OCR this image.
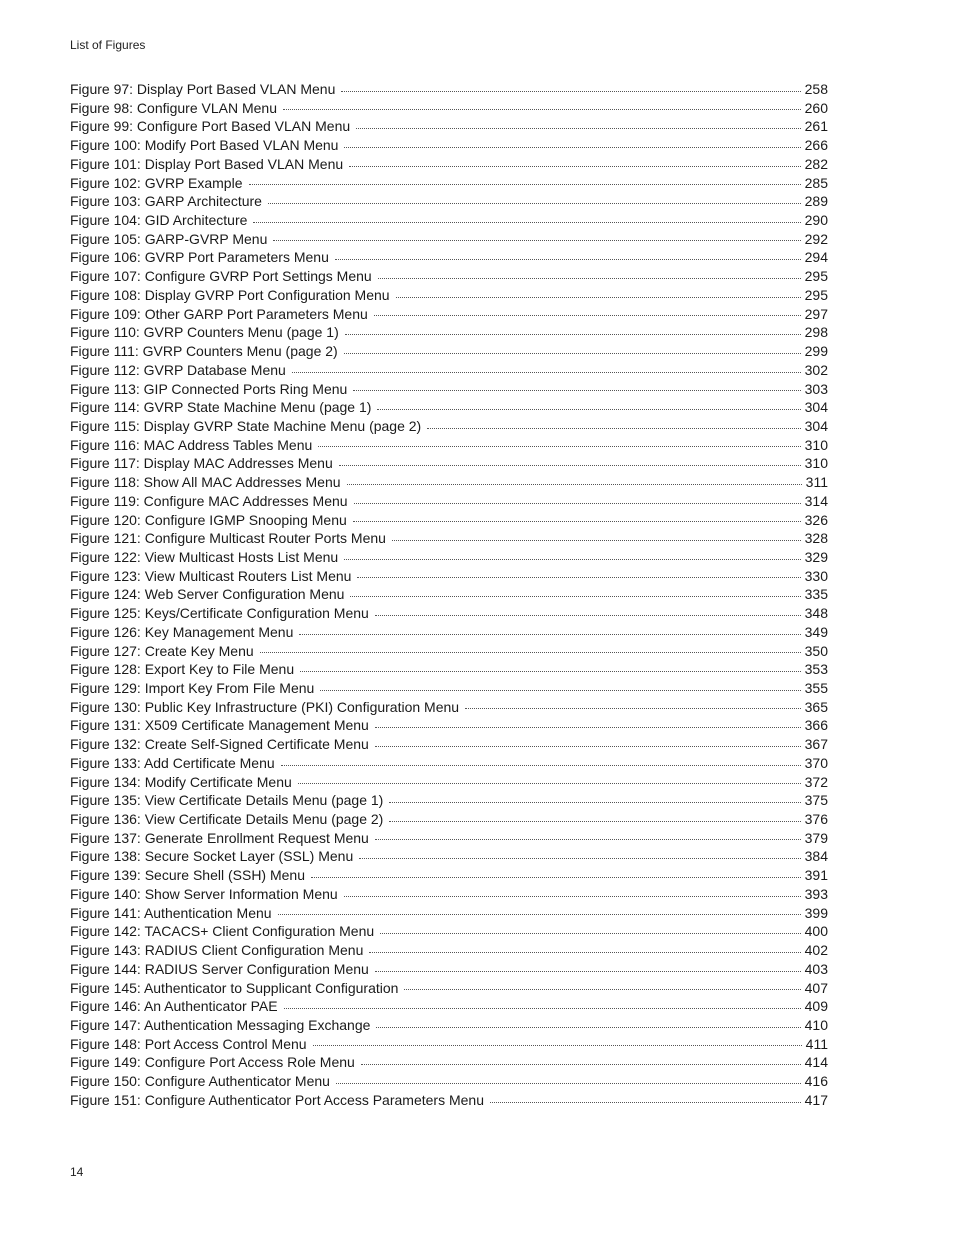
List of Figures
Figure 97: Display Port Based VLAN Menu	258
Figure 98: Configure VLAN Menu	260
Figure 99: Configure Port Based VLAN Menu	261
Figure 100: Modify Port Based VLAN Menu	266
Figure 101: Display Port Based VLAN Menu	282
Figure 102: GVRP Example	285
Figure 103: GARP Architecture	289
Figure 104: GID Architecture	290
Figure 105: GARP-GVRP Menu	292
Figure 106: GVRP Port Parameters Menu	294
Figure 107: Configure GVRP Port Settings Menu	295
Figure 108: Display GVRP Port Configuration Menu	295
Figure 109: Other GARP Port Parameters Menu	297
Figure 110: GVRP Counters Menu (page 1)	298
Figure 111: GVRP Counters Menu (page 2)	299
Figure 112: GVRP Database Menu	302
Figure 113: GIP Connected Ports Ring Menu	303
Figure 114: GVRP State Machine Menu (page 1)	304
Figure 115: Display GVRP State Machine Menu (page 2)	304
Figure 116: MAC Address Tables Menu	310
Figure 117: Display MAC Addresses Menu	310
Figure 118: Show All MAC Addresses Menu	311
Figure 119: Configure MAC Addresses Menu	314
Figure 120: Configure IGMP Snooping Menu	326
Figure 121: Configure Multicast Router Ports Menu	328
Figure 122: View Multicast Hosts List Menu	329
Figure 123: View Multicast Routers List Menu	330
Figure 124: Web Server Configuration Menu	335
Figure 125: Keys/Certificate Configuration Menu	348
Figure 126: Key Management Menu	349
Figure 127: Create Key Menu	350
Figure 128: Export Key to File Menu	353
Figure 129: Import Key From File Menu	355
Figure 130: Public Key Infrastructure (PKI) Configuration Menu	365
Figure 131: X509 Certificate Management Menu	366
Figure 132: Create Self-Signed Certificate Menu	367
Figure 133: Add Certificate Menu	370
Figure 134: Modify Certificate Menu	372
Figure 135: View Certificate Details Menu (page 1)	375
Figure 136: View Certificate Details Menu (page 2)	376
Figure 137: Generate Enrollment Request Menu	379
Figure 138: Secure Socket Layer (SSL) Menu	384
Figure 139: Secure Shell (SSH) Menu	391
Figure 140: Show Server Information Menu	393
Figure 141: Authentication Menu	399
Figure 142: TACACS+ Client Configuration Menu	400
Figure 143: RADIUS Client Configuration Menu	402
Figure 144: RADIUS Server Configuration Menu	403
Figure 145: Authenticator to Supplicant Configuration	407
Figure 146: An Authenticator PAE	409
Figure 147: Authentication Messaging Exchange	410
Figure 148: Port Access Control Menu	411
Figure 149: Configure Port Access Role Menu	414
Figure 150: Configure Authenticator Menu	416
Figure 151: Configure Authenticator Port Access Parameters Menu	417
14
